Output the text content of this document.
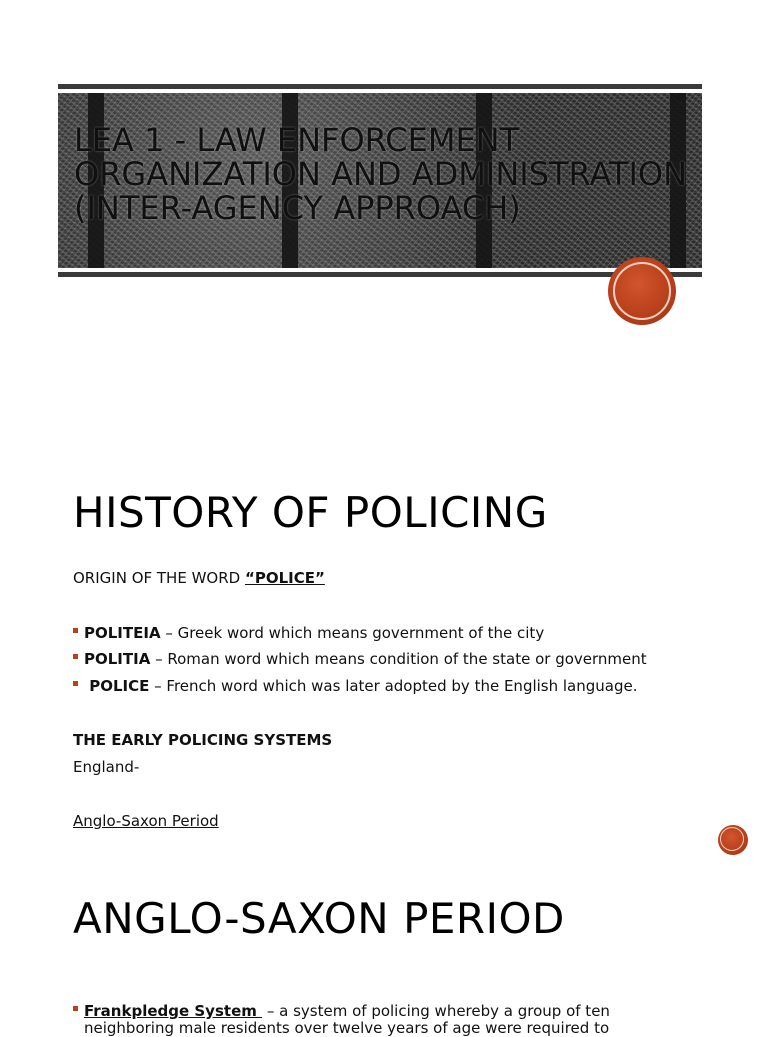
LEA 1 - LAW ENFORCEMENT ORGANIZATION AND ADMINISTRATION (INTER-AGENCY APPROACH)
HISTORY OF POLICING
ORIGIN OF THE WORD “POLICE”
POLITEIA – Greek word which means government of the city
POLITIA – Roman word which means condition of the state or government
POLICE – French word which was later adopted by the English language.
THE EARLY POLICING SYSTEMS
England-
Anglo-Saxon Period
ANGLO-SAXON PERIOD
Frankpledge System  – a system of policing whereby a group of ten
neighboring male residents over twelve years of age were required to
